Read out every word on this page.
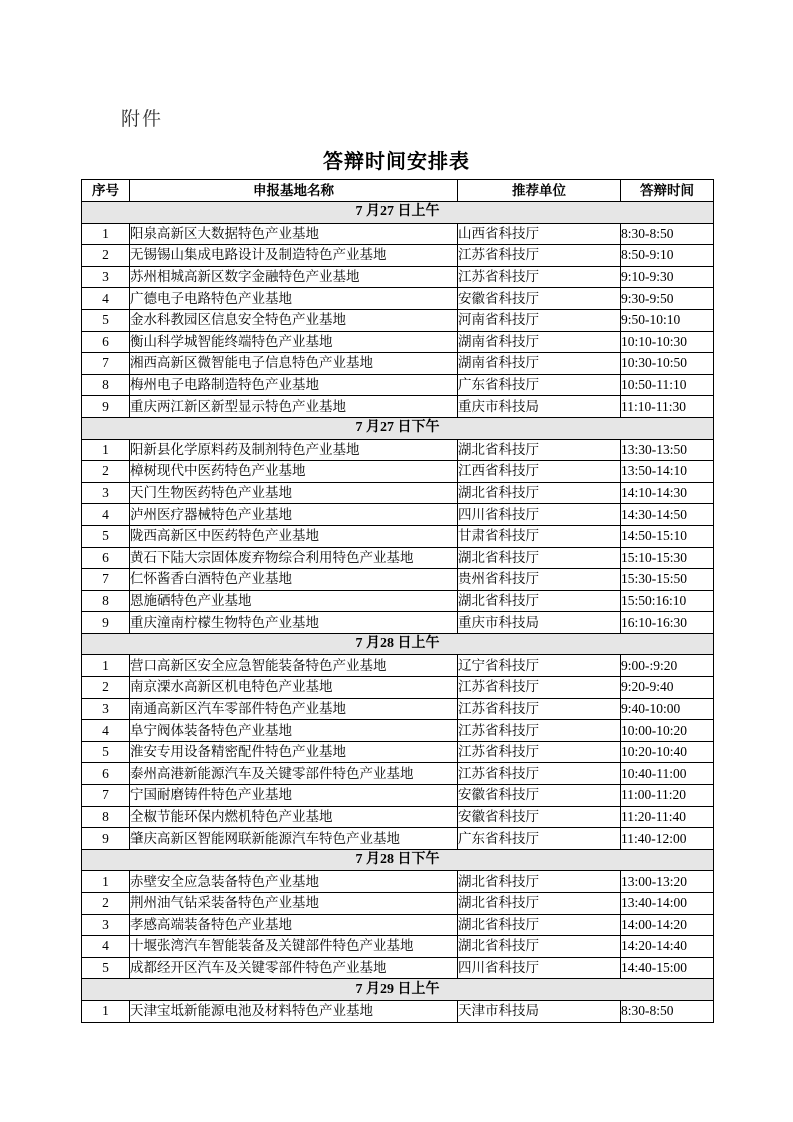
附件
答辩时间安排表
序号	申报基地名称	推荐单位	答辩时间
7 月27 日上午			
1	阳泉高新区大数据特色产业基地	山西省科技厅	8:30-8:50
2	无锡锡山集成电路设计及制造特色产业基地	江苏省科技厅	8:50-9:10
3	苏州相城高新区数字金融特色产业基地	江苏省科技厅	9:10-9:30
4	广德电子电路特色产业基地	安徽省科技厅	9:30-9:50
5	金水科教园区信息安全特色产业基地	河南省科技厅	9:50-10:10
6	衡山科学城智能终端特色产业基地	湖南省科技厅	10:10-10:30
7	湘西高新区微智能电子信息特色产业基地	湖南省科技厅	10:30-10:50
8	梅州电子电路制造特色产业基地	广东省科技厅	10:50-11:10
9	重庆两江新区新型显示特色产业基地	重庆市科技局	11:10-11:30
7 月27 日下午			
1	阳新县化学原料药及制剂特色产业基地	湖北省科技厅	13:30-13:50
2	樟树现代中医药特色产业基地	江西省科技厅	13:50-14:10
3	天门生物医药特色产业基地	湖北省科技厅	14:10-14:30
4	泸州医疗器械特色产业基地	四川省科技厅	14:30-14:50
5	陇西高新区中医药特色产业基地	甘肃省科技厅	14:50-15:10
6	黄石下陆大宗固体废弃物综合利用特色产业基地	湖北省科技厅	15:10-15:30
7	仁怀酱香白酒特色产业基地	贵州省科技厅	15:30-15:50
8	恩施硒特色产业基地	湖北省科技厅	15:50:16:10
9	重庆潼南柠檬生物特色产业基地	重庆市科技局	16:10-16:30
7 月28 日上午			
1	营口高新区安全应急智能装备特色产业基地	辽宁省科技厅	9:00-:9:20
2	南京溧水高新区机电特色产业基地	江苏省科技厅	9:20-9:40
3	南通高新区汽车零部件特色产业基地	江苏省科技厅	9:40-10:00
4	阜宁阀体装备特色产业基地	江苏省科技厅	10:00-10:20
5	淮安专用设备精密配件特色产业基地	江苏省科技厅	10:20-10:40
6	泰州高港新能源汽车及关键零部件特色产业基地	江苏省科技厅	10:40-11:00
7	宁国耐磨铸件特色产业基地	安徽省科技厅	11:00-11:20
8	全椒节能环保内燃机特色产业基地	安徽省科技厅	11:20-11:40
9	肇庆高新区智能网联新能源汽车特色产业基地	广东省科技厅	11:40-12:00
7 月28 日下午			
1	赤壁安全应急装备特色产业基地	湖北省科技厅	13:00-13:20
2	荆州油气钻采装备特色产业基地	湖北省科技厅	13:40-14:00
3	孝感高端装备特色产业基地	湖北省科技厅	14:00-14:20
4	十堰张湾汽车智能装备及关键部件特色产业基地	湖北省科技厅	14:20-14:40
5	成都经开区汽车及关键零部件特色产业基地	四川省科技厅	14:40-15:00
7 月29 日上午			
1	天津宝坻新能源电池及材料特色产业基地	天津市科技局	8:30-8:50
